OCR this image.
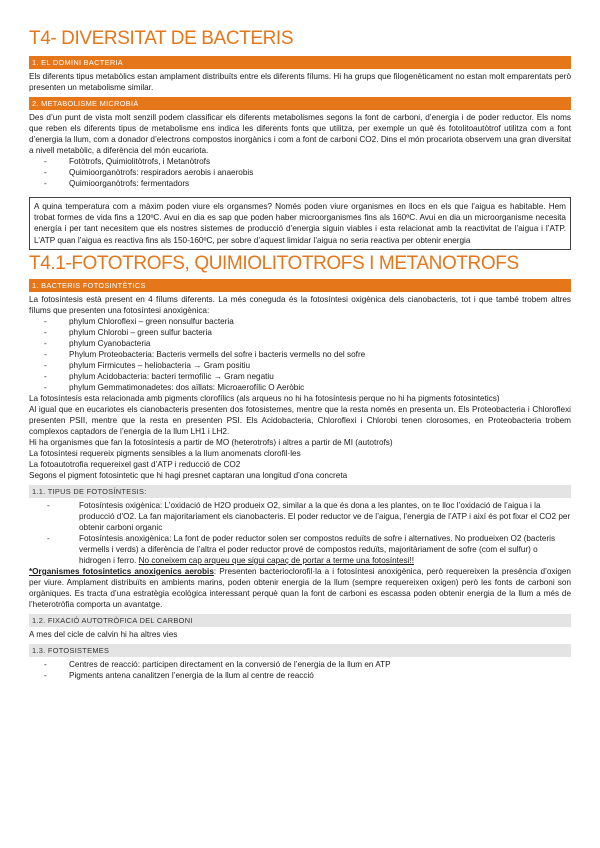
T4- DIVERSITAT DE BACTERIS
1. EL DOMINI BACTERIA

Els diferents tipus metabòlics estan amplament distribuïts entre els diferents fílums. Hi ha grups que filogenèticament no estan molt emparentats però presenten un metabolisme similar.

2. METABOLISME MICROBIÀ

Des d’un punt de vista molt senzill podem classificar els diferents metabolismes segons la font de carboni, d’energia i de poder reductor. Els noms que reben els diferents tipus de metabolisme ens indica les diferents fonts que utilitza, per exemple un què és fotolitoautòtrof utilitza com a font d’energia la llum, com a donador d’electrons compostos inorgànics i com a font de carboni CO2. Dins el món procariota observem una gran diversitat a nivell metabòlic, a diferència del món eucariota.

- Fotòtrofs, Quimiolitòtrofs, i Metanòtrofs
- Quimioorganòtrofs: respiradors aerobis i anaerobis
- Quimioorganòtrofs: fermentadors

A quina temperatura com a màxim poden viure els organsmes? Només poden viure organismes en llocs en els que l’aigua es habitable. Hem trobat formes de vida fins a 120ºC. Avui en dia es sap que poden haber microorganismes fins als 160ºC. Avui en dia un microorganisme necesita energía i per tant necesitem que els nostres sistemes de producció d’energia siguin viables i esta relacionat amb la reactivitat de l’aigua i l’ATP. L’ATP quan l’aigua es reactiva fins als 150-160ºC, per sobre d’aquest limidar l’aigua no seria reactiva per obtenir energia

T4.1-FOTOTROFS, QUIMIOLITOTROFS I METANOTROFS
1. BACTERIS FOTOSINTÈTICS

La fotosíntesis està present en 4 fílums diferents. La més coneguda és la fotosíntesi oxigènica dels cianobacteris, tot i que també trobem altres fílums que presenten una fotosíntesi anoxigènica:

- phylum Chloroflexi – green nonsulfur bacteria
- phylum Chlorobi – green sulfur bacteria
- phylum Cyanobacteria
- Phylum Proteobacteria: Bacteris vermells del sofre i bacteris vermells no del sofre
- phylum Firmicutes – heliobacteria → Gram positiu
- phylum Acidobacteria: bacteri termofílic → Gram negatiu
- phylum Gemmatimonadetes: dos aïllats: Microaerofílic O Aeròbic

La fotosíntesis esta relacionada amb pigments clorofílics (als arqueus no hi ha fotosíntesis perque no hi ha pigments fotosintetics)

Al igual que en eucariotes els cianobacteris presenten dos fotosistemes, mentre que la resta només en presenta un. Els Proteobacteria i Chloroflexi presenten PSII, mentre que la resta en presenten PSI. Els Acidobacteria, Chloroflexi i Chlorobi tenen clorosomes, en Proteobacteria trobem complexos captadors de l’energia de la llum LH1 i LH2.

Hi ha organismes que fan la fotosíntesis a partir de MO (heterotrofs) i altres a partir de MI (autotrofs)

La fotosíntesi requereix pigments sensibles a la llum anomenats clorofil·les

La fotoautotrofia requereixel gast d’ATP i reducció de CO2

Segons el pigment fotosintetic que hi hagi presnet captaran una longitud d’ona concreta

1.1. TIPUS DE FOTOSÍNTESIS:
- Fotosíntesis oxigènica: L’oxidació de H2O produeix O2, similar a la que és dona a les plantes, on te lloc l’oxidació de l’aigua i la producció d’O2. La fan majoritariament els cianobacteris. El poder reductor ve de l’aigua, l’energia de l’ATP i així és pot fixar el CO2 per obtenir carboni organic
- Fotosíntesis anoxigènica: La font de poder reductor solen ser compostos reduïts de sofre i alternatives. No produeixen O2 (bacteris vermells i verds) a diferència de l’altra el poder reductor prové de compostos reduïts, majoritàriament de sofre (com el sulfur) o hidrogen i ferro. No coneixem cap arqueu que sigui capaç de portar a terme una fotosíntesi!!

*Organismes fotosintetics anoxigenics aerobis: Presenten bacterioclorofil·la a i fotosíntesi anoxigènica, però requereixen la presència d’oxigen per viure. Amplament distribuïts en ambients marins, poden obtenir energia de la llum (sempre requereixen oxigen) però les fonts de carboni son orgàniques. Es tracta d’una estratègia ecològica interessant perquè quan la font de carboni es escassa poden obtenir energia de la llum a més de l’heterotròfia comporta un avantatge.

1.2. FIXACIÓ AUTOTRÒFICA DEL CARBONI

A mes del cicle de calvin hi ha altres vies

1.3. FOTOSISTEMES
- Centres de reacció: participen directament en la conversió de l’energia de la llum en ATP
- Pigments antena canalitzen l’energia de la llum al centre de reacció
